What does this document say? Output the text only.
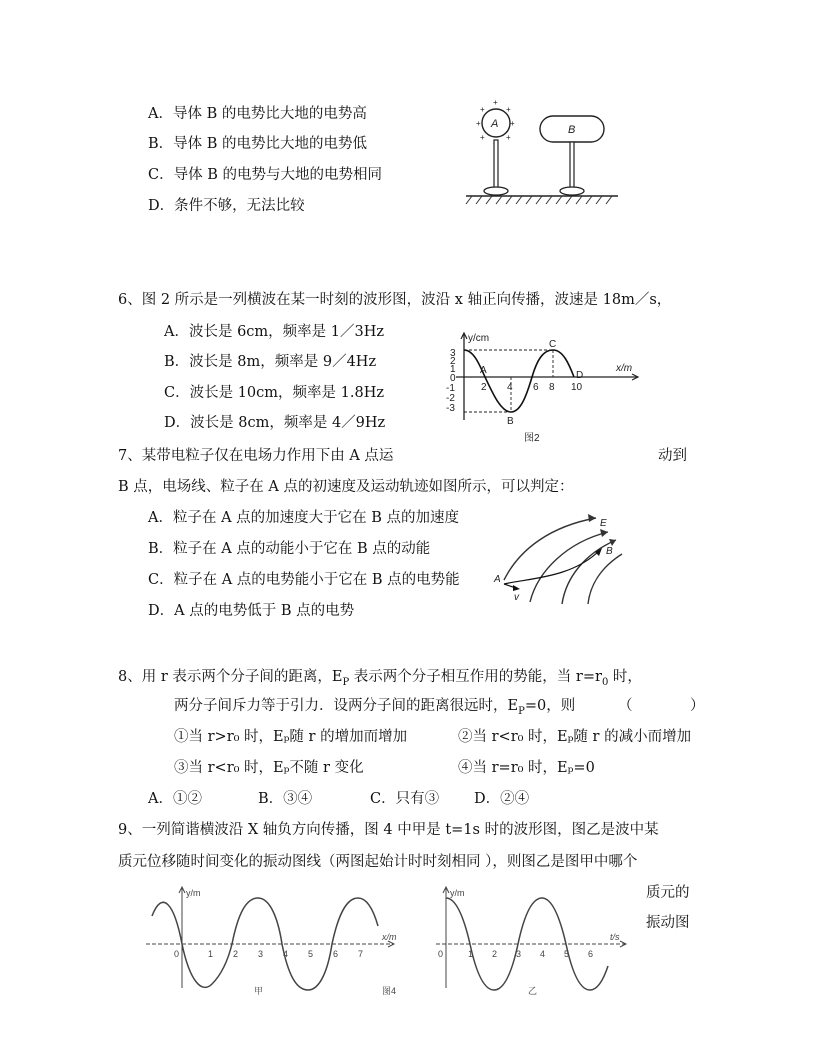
A．导体 B 的电势比大地的电势高
B．导体 B 的电势比大地的电势低
C．导体 B 的电势与大地的电势相同
D．条件不够，无法比较
+
+	+
+	+
+	+
A	B
6、图 2 所示是一列横波在某一时刻的波形图，波沿 x 轴正向传播，波速是 18m／s，
A．波长是 6cm，频率是 1／3Hz
B．波长是 8m，频率是 9／4Hz
C．波长是 10cm，频率是 1.8Hz
D．波长是 8cm，频率是 4／9Hz
y/cm
x/m
3
2
1
0
-1
-2
-3
2 4 6 8 10
A
B
C
D
图2
7、某带电粒子仅在电场力作用下由 A 点运	动到
B 点，电场线、粒子在 A 点的初速度及运动轨迹如图所示，可以判定：
A．粒子在 A 点的加速度大于它在 B 点的加速度
B．粒子在 A 点的动能小于它在 B 点的动能
C．粒子在 A 点的电势能小于它在 B 点的电势能
D．A 点的电势低于 B 点的电势
E
B
A
v
8、用 r 表示两个分子间的距离，$E_P$ 表示两个分子相互作用的势能，当 $r=r_0$ 时，
两分子间斥力等于引力．设两分子间的距离很远时，$E_P=0$，则	（	）
①当 r>r₀ 时，Eₚ随 r 的增加而增加	②当 r<r₀ 时，Eₚ随 r 的减小而增加
③当 r<r₀ 时，Eₚ不随 r 变化	④当 r=r₀ 时，Eₚ=0
A．①②	B．③④	C．只有③ D．②④
9、一列简谐横波沿 X 轴负方向传播，图 4 中甲是 t=1s 时的波形图，图乙是波中某
质元位移随时间变化的振动图线（两图起始计时时刻相同 ），则图乙是图甲中哪个
质元的
振动图
y/m
x/m
0	1 2 3 4 5 6 7
甲	图4
y/m
t/s
0	1 2 3 4 5 6
乙
